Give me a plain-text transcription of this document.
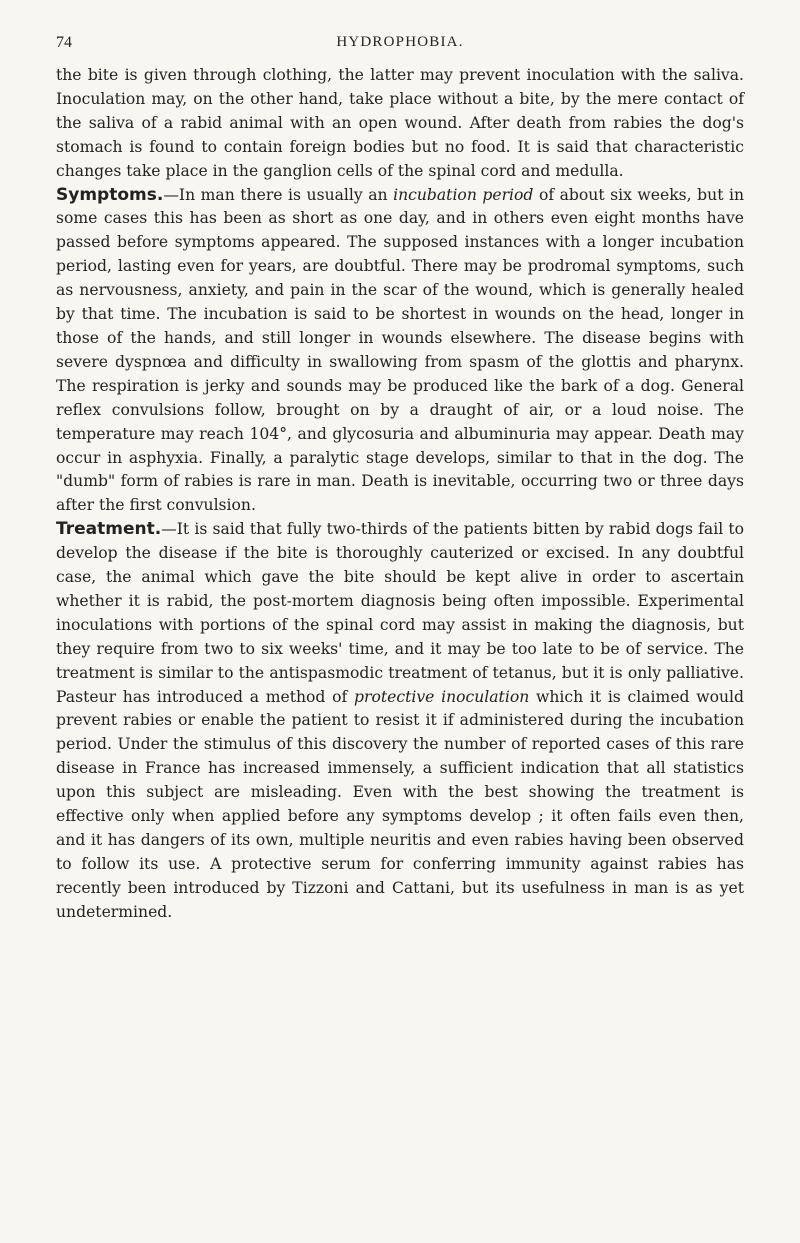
74	HYDROPHOBIA.

the bite is given through clothing, the latter may prevent inoculation with the saliva. Inoculation may, on the other hand, take place without a bite, by the mere contact of the saliva of a rabid animal with an open wound. After death from rabies the dog's stomach is found to contain foreign bodies but no food. It is said that characteristic changes take place in the ganglion cells of the spinal cord and medulla.

Symptoms.—In man there is usually an incubation period of about six weeks, but in some cases this has been as short as one day, and in others even eight months have passed before symptoms appeared. The supposed instances with a longer incubation period, lasting even for years, are doubtful. There may be prodromal symptoms, such as nervousness, anxiety, and pain in the scar of the wound, which is generally healed by that time. The incubation is said to be shortest in wounds on the head, longer in those of the hands, and still longer in wounds elsewhere. The disease begins with severe dyspnœa and difficulty in swallowing from spasm of the glottis and pharynx. The respiration is jerky and sounds may be produced like the bark of a dog. General reflex convulsions follow, brought on by a draught of air, or a loud noise. The temperature may reach 104°, and glycosuria and albuminuria may appear. Death may occur in asphyxia. Finally, a paralytic stage develops, similar to that in the dog. The "dumb" form of rabies is rare in man. Death is inevitable, occurring two or three days after the first convulsion.

Treatment.—It is said that fully two-thirds of the patients bitten by rabid dogs fail to develop the disease if the bite is thoroughly cauterized or excised. In any doubtful case, the animal which gave the bite should be kept alive in order to ascertain whether it is rabid, the post-mortem diagnosis being often impossible. Experimental inoculations with portions of the spinal cord may assist in making the diagnosis, but they require from two to six weeks' time, and it may be too late to be of service. The treatment is similar to the antispasmodic treatment of tetanus, but it is only palliative. Pasteur has introduced a method of protective inoculation which it is claimed would prevent rabies or enable the patient to resist it if administered during the incubation period. Under the stimulus of this discovery the number of reported cases of this rare disease in France has increased immensely, a sufficient indication that all statistics upon this subject are misleading. Even with the best showing the treatment is effective only when applied before any symptoms develop ; it often fails even then, and it has dangers of its own, multiple neuritis and even rabies having been observed to follow its use. A protective serum for conferring immunity against rabies has recently been introduced by Tizzoni and Cattani, but its usefulness in man is as yet undetermined.
